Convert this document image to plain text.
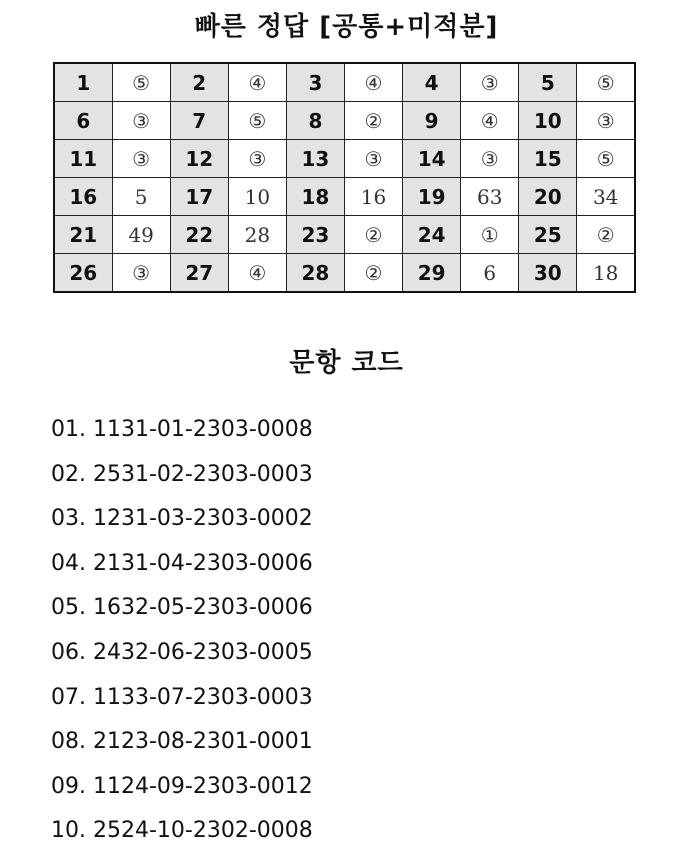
빠른 정답 [공통+미적분]
1	⑤	2	④	3	④	4	③	5	⑤
6	③	7	⑤	8	②	9	④	10	③
11	③	12	③	13	③	14	③	15	⑤
16	5	17	10	18	16	19	63	20	34
21	49	22	28	23	②	24	①	25	②
26	③	27	④	28	②	29	6	30	18
문항 코드
01. 1131-01-2303-0008
02. 2531-02-2303-0003
03. 1231-03-2303-0002
04. 2131-04-2303-0006
05. 1632-05-2303-0006
06. 2432-06-2303-0005
07. 1133-07-2303-0003
08. 2123-08-2301-0001
09. 1124-09-2303-0012
10. 2524-10-2302-0008
